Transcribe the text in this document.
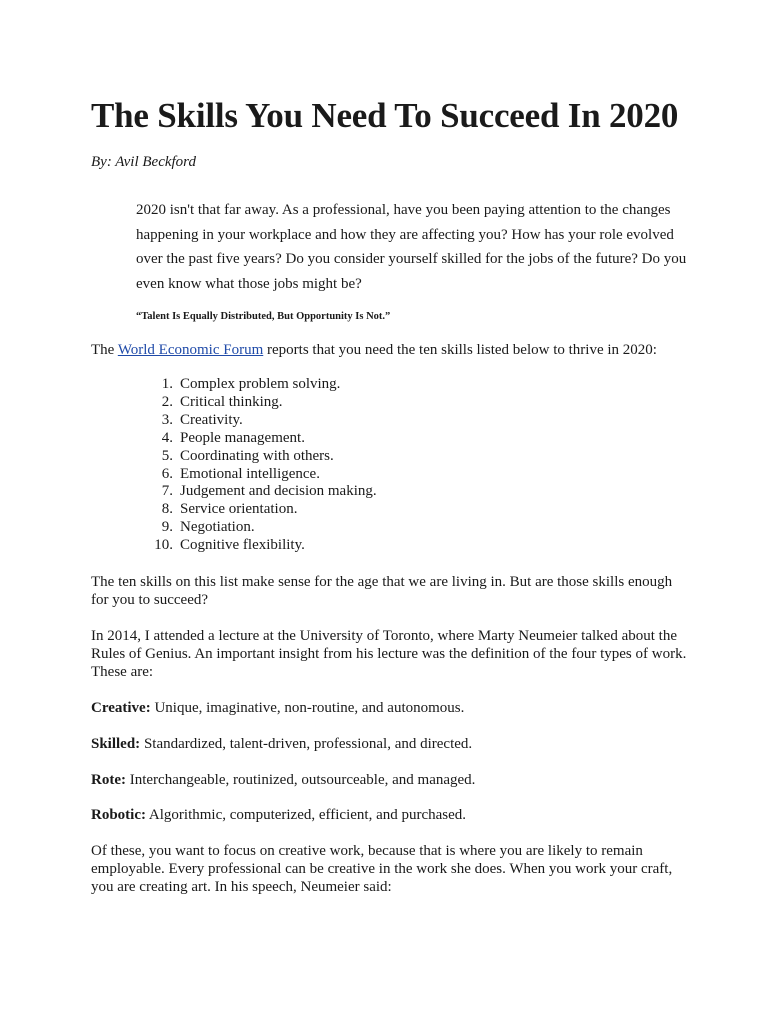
The Skills You Need To Succeed In 2020

By: Avil Beckford

2020 isn't that far away. As a professional, have you been paying attention to the changes happening in your workplace and how they are affecting you? How has your role evolved over the past five years? Do you consider yourself skilled for the jobs of the future? Do you even know what those jobs might be?

“Talent Is Equally Distributed, But Opportunity Is Not.”

The World Economic Forum reports that you need the ten skills listed below to thrive in 2020:

1. Complex problem solving.
2. Critical thinking.
3. Creativity.
4. People management.
5. Coordinating with others.
6. Emotional intelligence.
7. Judgement and decision making.
8. Service orientation.
9. Negotiation.
10. Cognitive flexibility.

The ten skills on this list make sense for the age that we are living in. But are those skills enough for you to succeed?

In 2014, I attended a lecture at the University of Toronto, where Marty Neumeier talked about the Rules of Genius. An important insight from his lecture was the definition of the four types of work. These are:

Creative: Unique, imaginative, non-routine, and autonomous.

Skilled: Standardized, talent-driven, professional, and directed.

Rote: Interchangeable, routinized, outsourceable, and managed.

Robotic: Algorithmic, computerized, efficient, and purchased.

Of these, you want to focus on creative work, because that is where you are likely to remain employable. Every professional can be creative in the work she does. When you work your craft, you are creating art. In his speech, Neumeier said:
